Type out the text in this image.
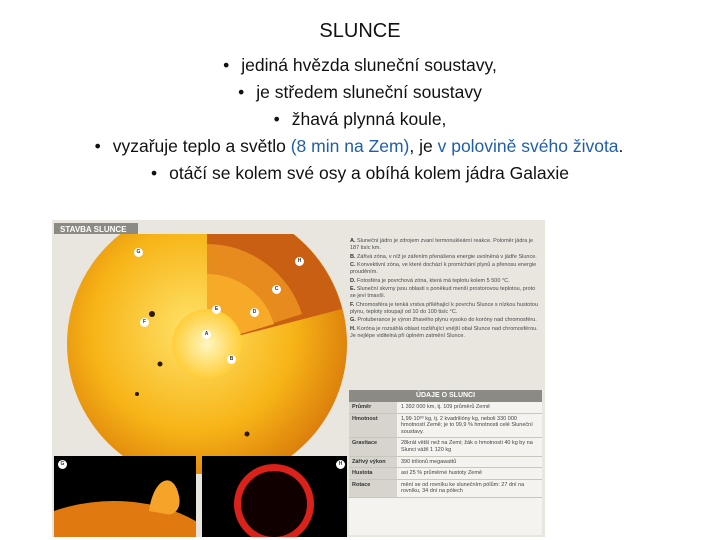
SLUNCE
• jediná hvězda sluneční soustavy,
• je středem sluneční soustavy
• žhavá plynná koule,
• vyzařuje teplo a světlo (8 min na Zem), je v polovině svého života.
• otáčí se kolem své osy a obíhá kolem jádra Galaxie
STAVBA SLUNCE
G
H
C
E
A
D
F
B
G	H

A. Sluneční jádro je zdrojem zvaní termonukleární reakce. Poloměr jádra je 187 tisíc km.

B. Zářivá zóna, v níž je zářením přenášena energie uvolněná v jádře Slunce.

C. Konvektivní zóna, ve které dochází k promíchání plynů a přenosu energie prouděním.

D. Fotosféra je povrchová zóna, která má teplotu kolem 5 500 °C.

E. Sluneční skvrny jsou oblasti s poněkud menší prostorovou teplotou, proto se jeví tmavší.

F. Chromosféra je tenká vrstva přiléhající k povrchu Slunce s nízkou hustotou plynu, teploty stoupají od 10 do 100 tisíc °C.

G. Protuberance je výron žhavého plynu vysoko do koróny nad chromosféru.

H. Koróna je rozsáhlá oblast rozšiřující vnější obal Slunce nad chromosférou. Je nejlépe viditelná při úplném zatmění Slunce.

ÚDAJE O SLUNCI
Průměr	1 392 000 km, tj. 109 průměrů Země
Hmotnost	1,99·10³⁰ kg, tj. 2 kvadrilióny kg, neboli 330 000 hmotností Země; je to 99,9 % hmotnosti celé Sluneční soustavy.
Gravitace	28krát větší než na Zemi; žák o hmotnosti 40 kg by na Slunci vážil 1 120 kg
Zářivý výkon	390 trilionů megawattů
Hustota	asi 25 % průměrné hustoty Země
Rotace	mění se od rovníku ke slunečním pólům: 27 dní na rovníku, 34 dní na pólech
